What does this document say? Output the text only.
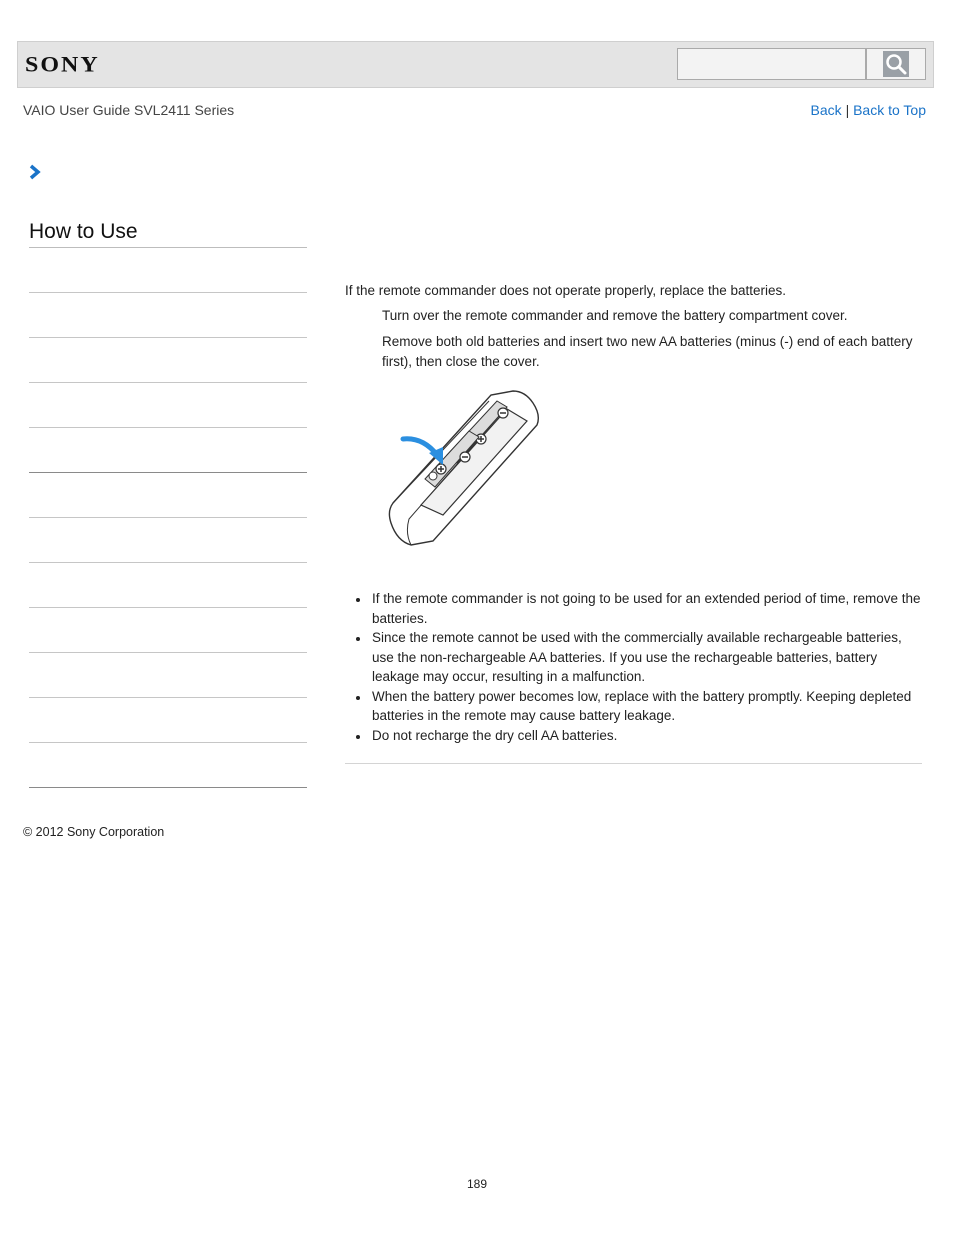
SONY
VAIO User Guide SVL2411 Series	Back | Back to Top
How to Use

If the remote commander does not operate properly, replace the batteries.

Turn over the remote commander and remove the battery compartment cover.

Remove both old batteries and insert two new AA batteries (minus (-) end of each battery first), then close the cover.

If the remote commander is not going to be used for an extended period of time, remove the batteries.
Since the remote cannot be used with the commercially available rechargeable batteries, use the non-rechargeable AA batteries. If you use the rechargeable batteries, battery leakage may occur, resulting in a malfunction.
When the battery power becomes low, replace with the battery promptly. Keeping depleted batteries in the remote may cause battery leakage.
Do not recharge the dry cell AA batteries.
© 2012 Sony Corporation
189
